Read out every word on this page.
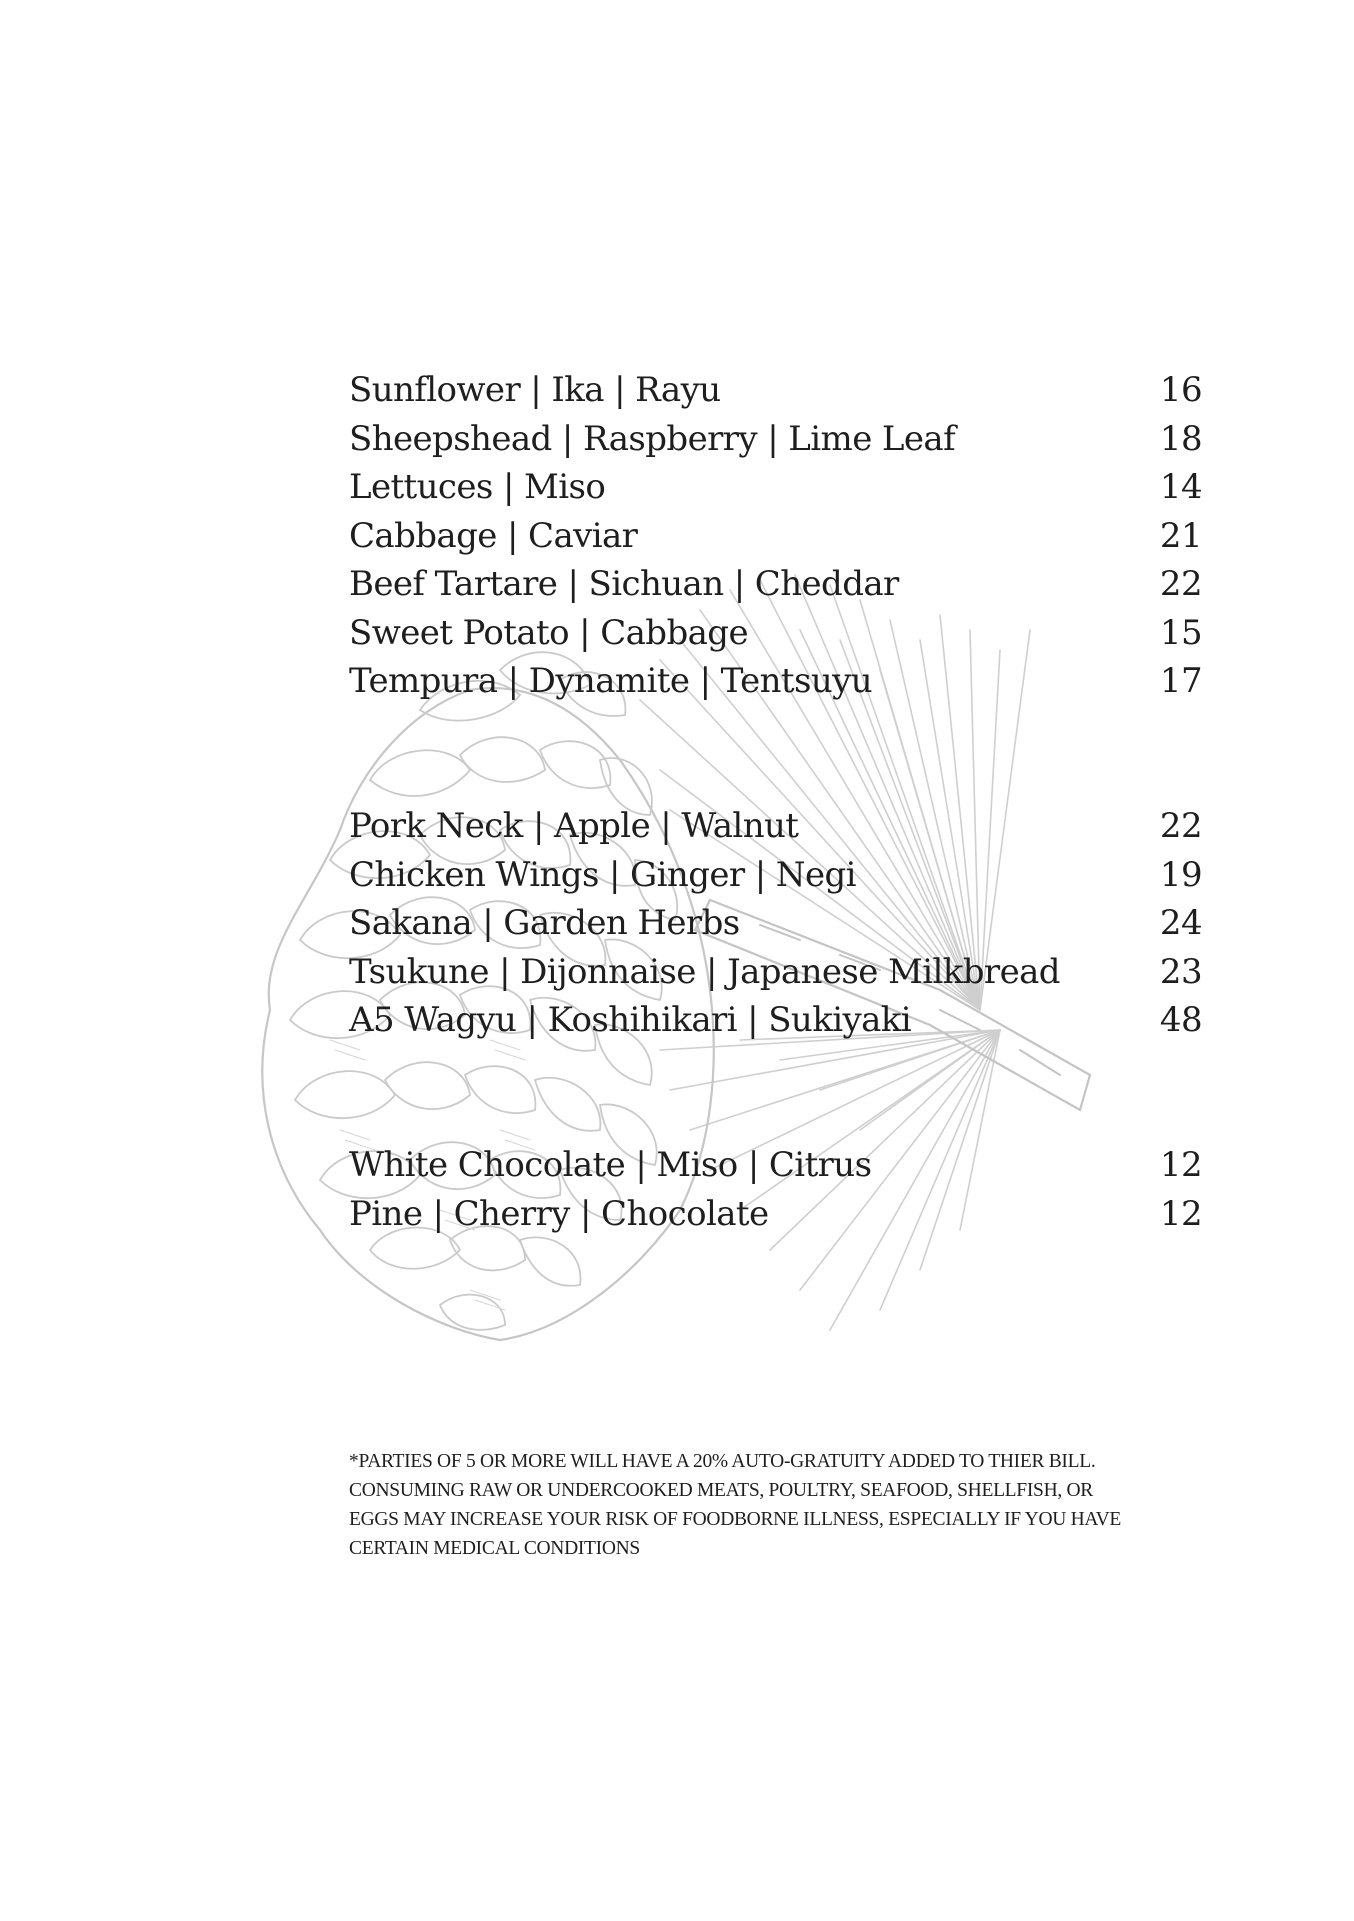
Sunflower | Ika | Rayu	16
Sheepshead | Raspberry | Lime Leaf	18
Lettuces | Miso	14
Cabbage | Caviar	21
Beef Tartare | Sichuan | Cheddar	22
Sweet Potato | Cabbage	15
Tempura | Dynamite | Tentsuyu	17
Pork Neck | Apple | Walnut	22
Chicken Wings | Ginger | Negi	19
Sakana | Garden Herbs	24
Tsukune | Dijonnaise | Japanese Milkbread	23
A5 Wagyu | Koshihikari | Sukiyaki	48
White Chocolate | Miso | Citrus	12
Pine | Cherry | Chocolate	12
*PARTIES OF 5 OR MORE WILL HAVE A 20% AUTO-GRATUITY ADDED TO THIER BILL.
CONSUMING RAW OR UNDERCOOKED MEATS, POULTRY, SEAFOOD, SHELLFISH, OR
EGGS MAY INCREASE YOUR RISK OF FOODBORNE ILLNESS, ESPECIALLY IF YOU HAVE
CERTAIN MEDICAL CONDITIONS
